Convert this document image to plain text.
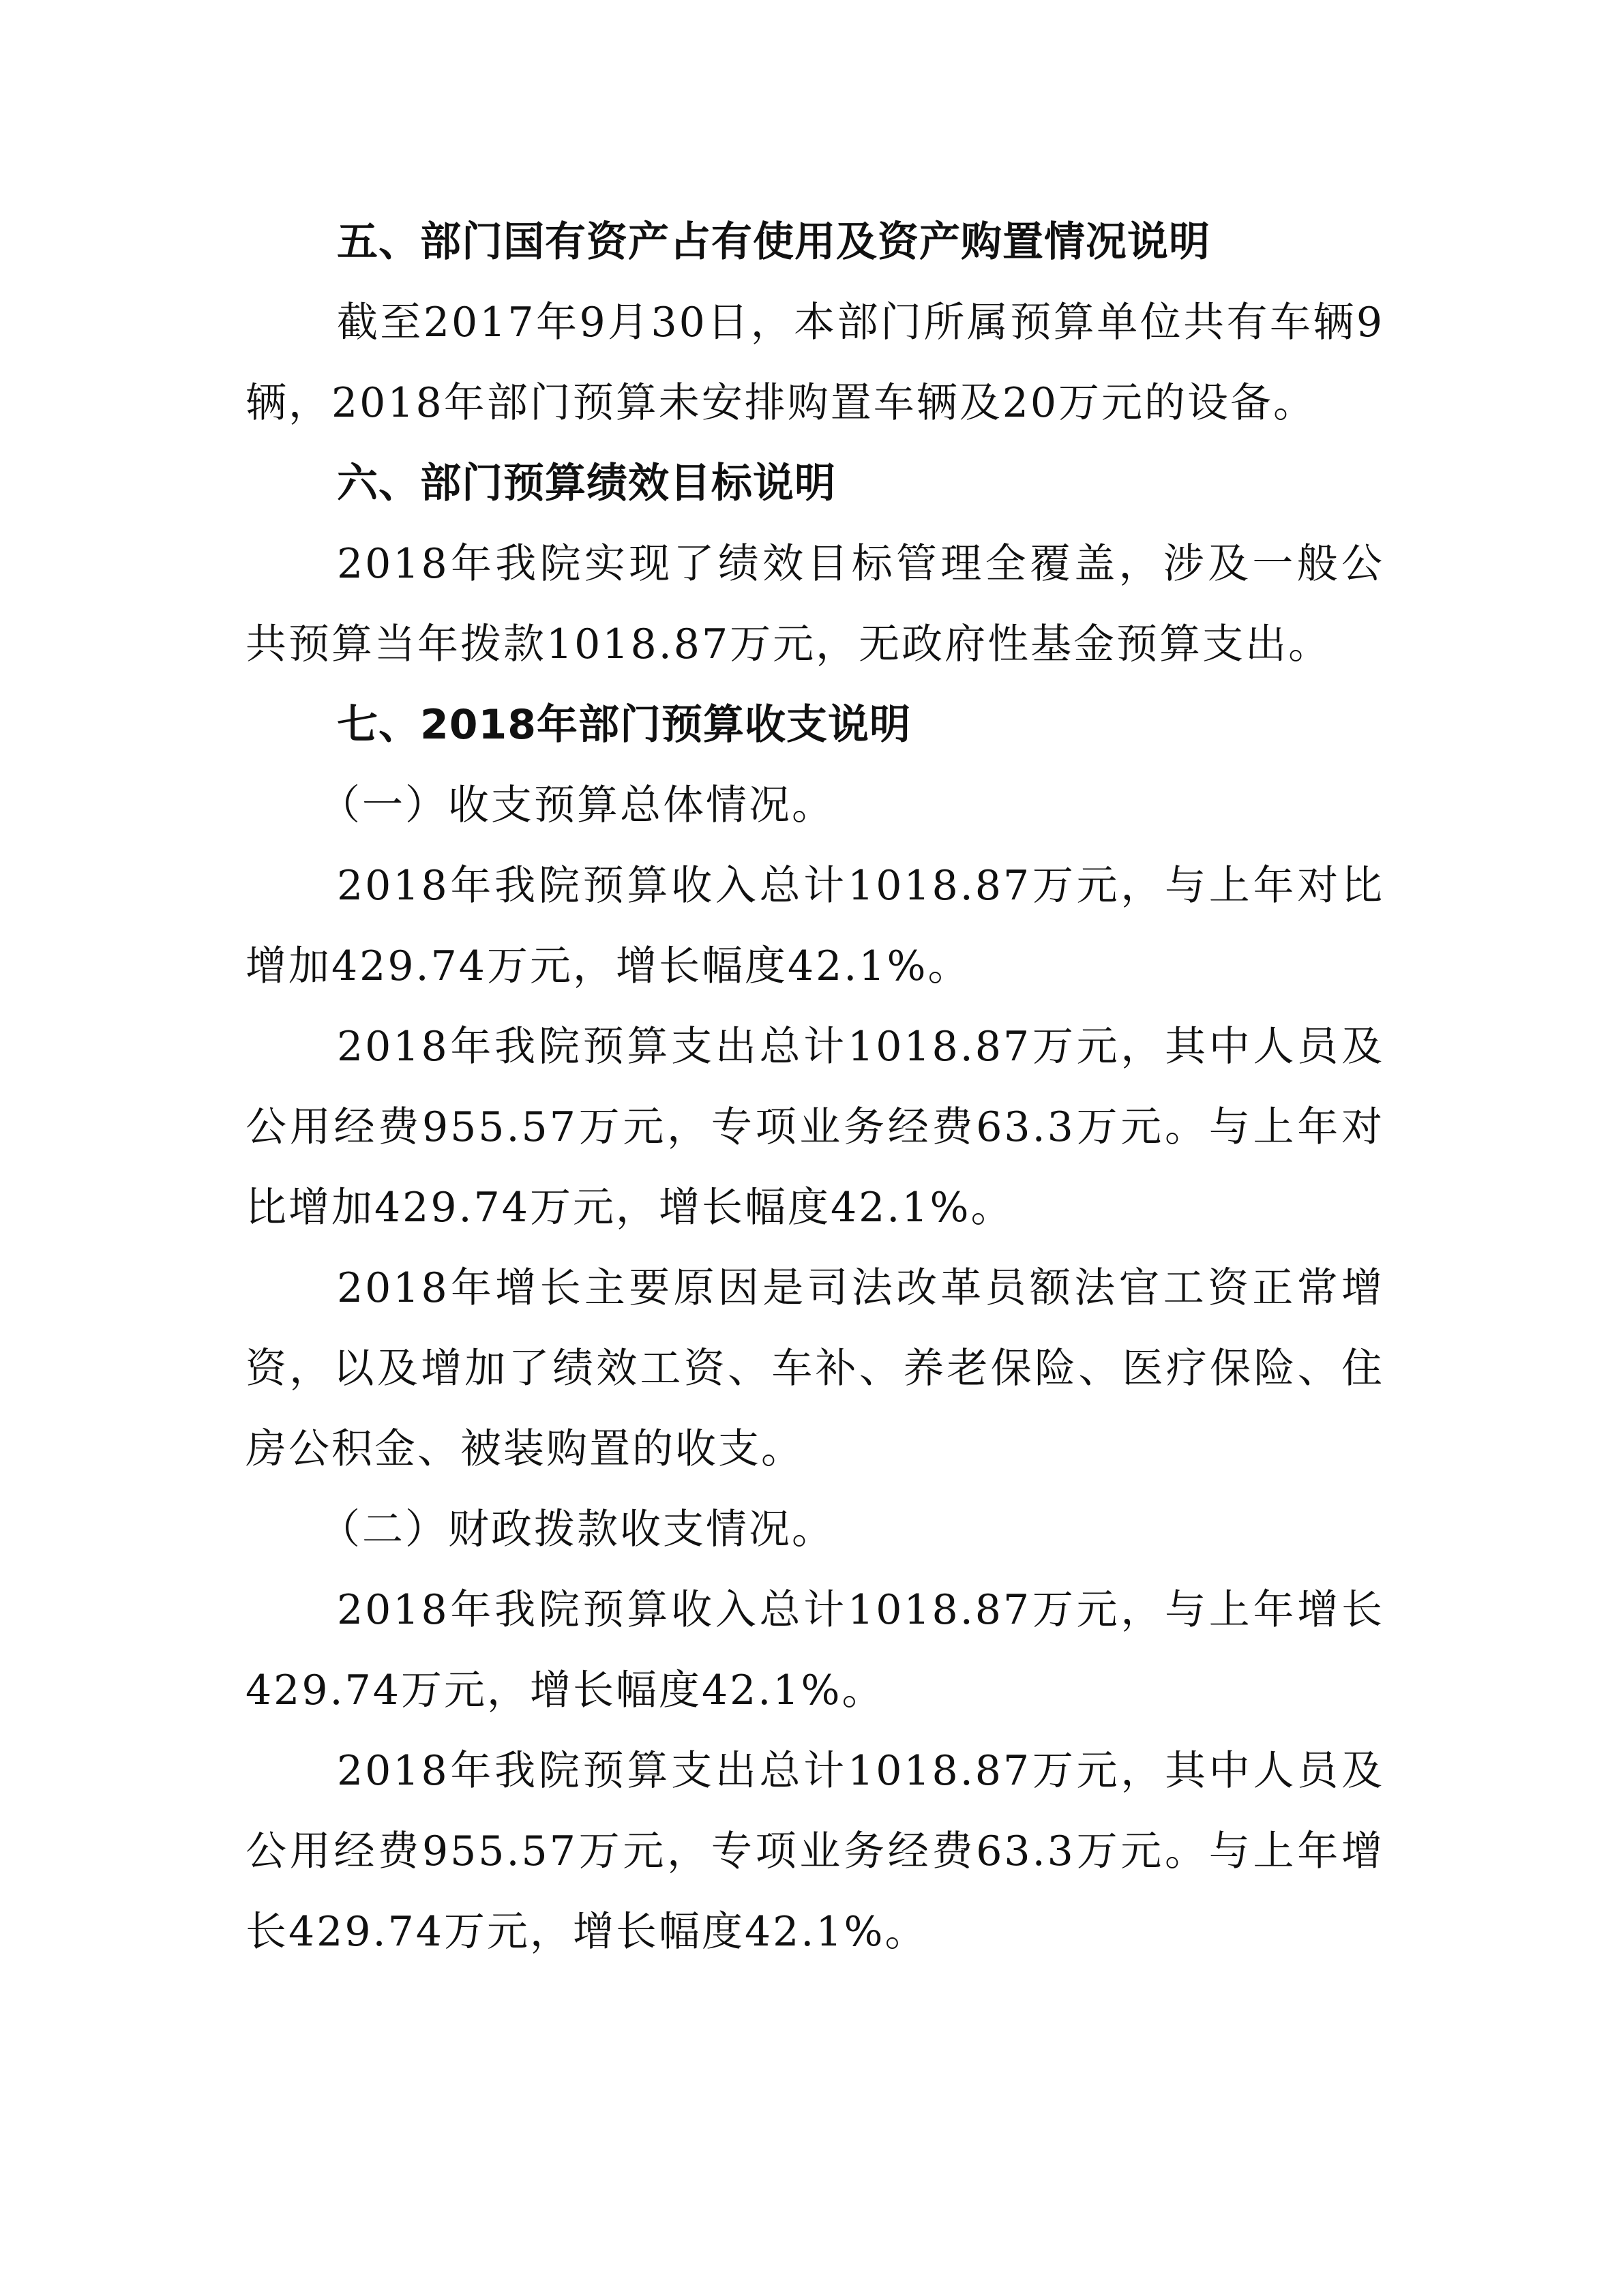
五、部门国有资产占有使用及资产购置情况说明

截至2017年9月30日，本部门所属预算单位共有车辆9辆，2018年部门预算未安排购置车辆及20万元的设备。

六、部门预算绩效目标说明

2018年我院实现了绩效目标管理全覆盖，涉及一般公共预算当年拨款1018.87万元，无政府性基金预算支出。

七、2018年部门预算收支说明

（一）收支预算总体情况。

2018年我院预算收入总计1018.87万元，与上年对比增加429.74万元，增长幅度42.1%。

2018年我院预算支出总计1018.87万元，其中人员及公用经费955.57万元，专项业务经费63.3万元。与上年对比增加429.74万元，增长幅度42.1%。

2018年增长主要原因是司法改革员额法官工资正常增资，以及增加了绩效工资、车补、养老保险、医疗保险、住房公积金、被装购置的收支。

（二）财政拨款收支情况。

2018年我院预算收入总计1018.87万元，与上年增长429.74万元，增长幅度42.1%。

2018年我院预算支出总计1018.87万元，其中人员及公用经费955.57万元，专项业务经费63.3万元。与上年增长429.74万元，增长幅度42.1%。
